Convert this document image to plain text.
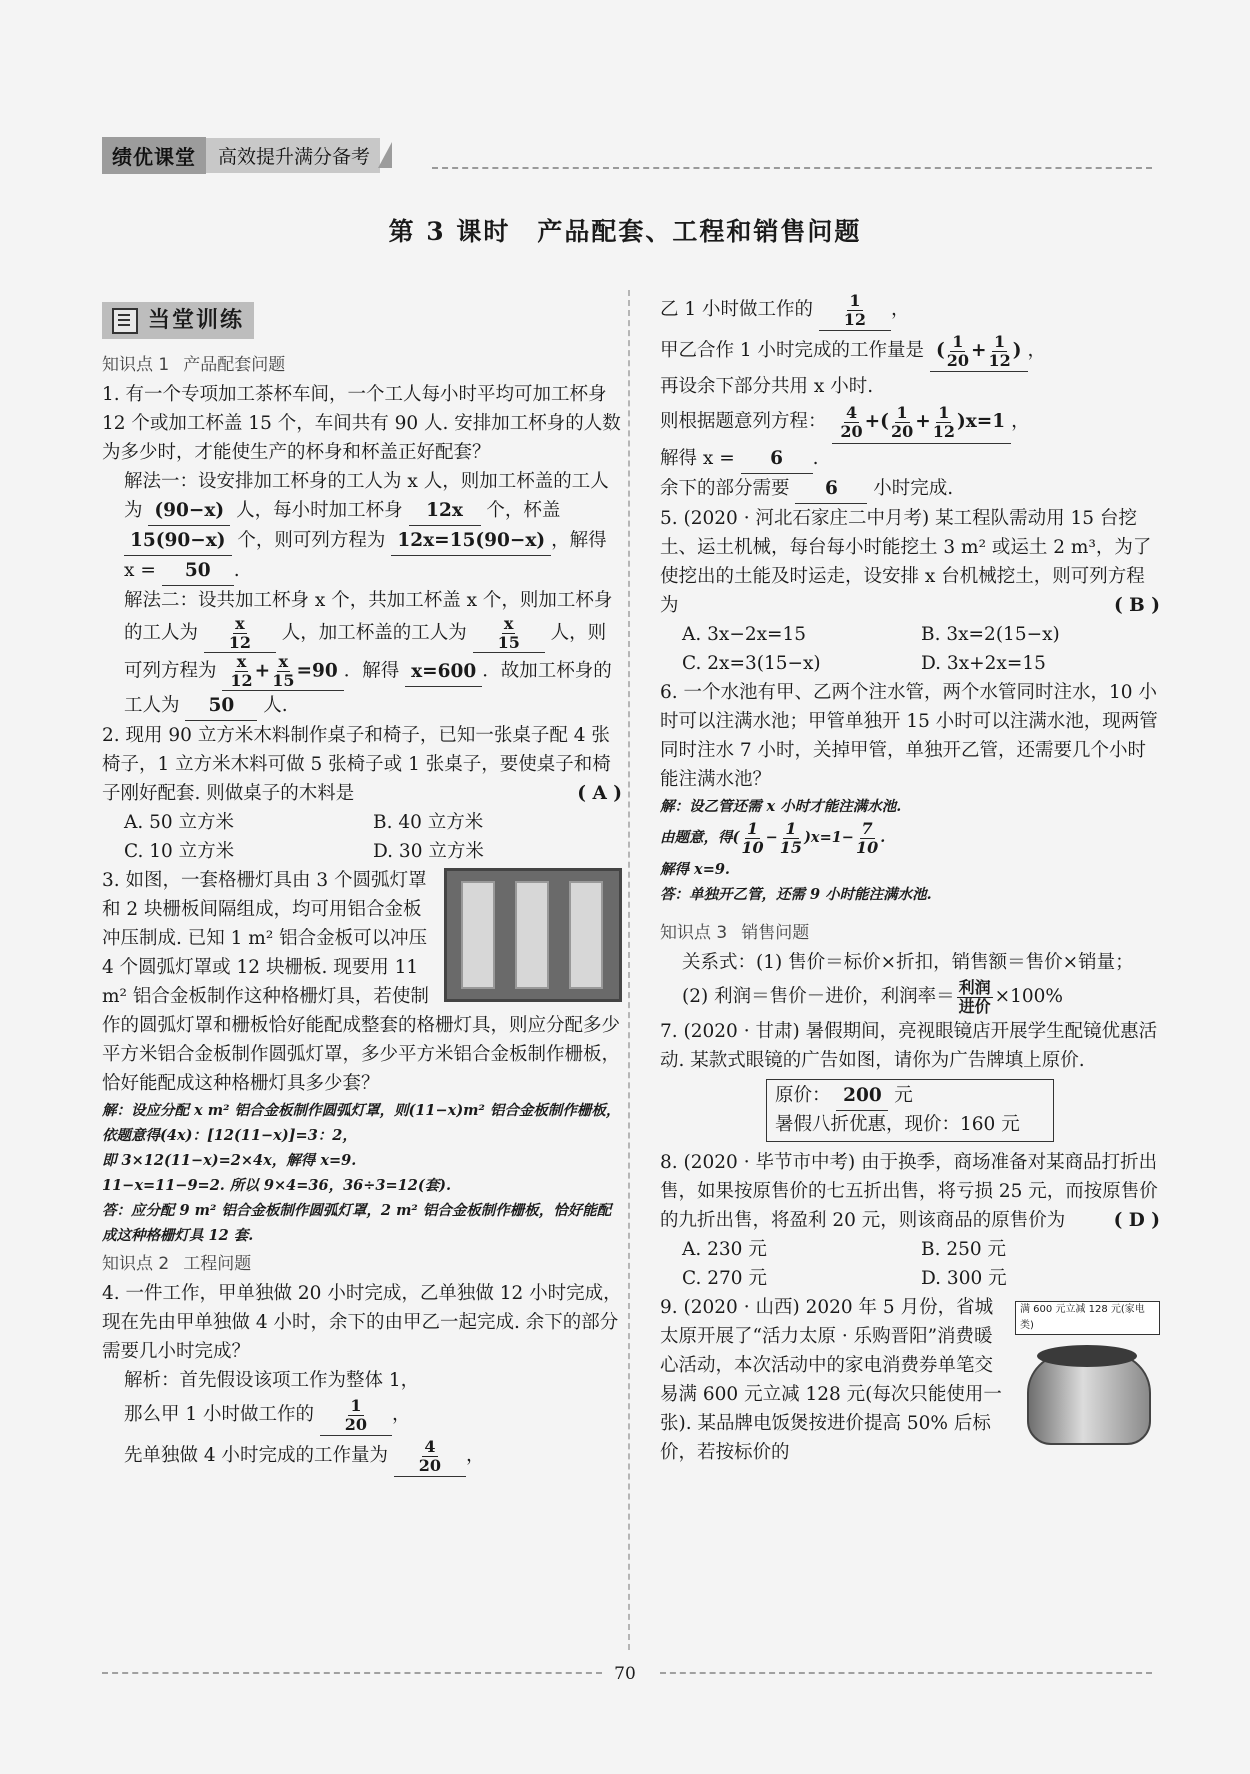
绩优课堂	高效提升满分备考
第 3 课时　产品配套、工程和销售问题
当堂训练
知识点 1 产品配套问题

1. 有一个专项加工茶杯车间，一个工人每小时平均可加工杯身 12 个或加工杯盖 15 个，车间共有 90 人. 安排加工杯身的人数为多少时，才能使生产的杯身和杯盖正好配套？

解法一：设安排加工杯身的工人为 x 人，则加工杯盖的工人为 (90−x) 人，每小时加工杯身 12x 个，杯盖 15(90−x) 个，则可列方程为 12x=15(90−x) ，解得 x = 50 .

解法二：设共加工杯身 x 个，共加工杯盖 x 个，则加工杯身的工人为 $\frac{x}{12}$ 人，加工杯盖的工人为 $\frac{x}{15}$ 人，则可列方程为 $\frac{x}{12} + \frac{x}{15} =90$ ．解得 x=600 ．故加工杯身的工人为 50 人.

2. 现用 90 立方米木料制作桌子和椅子，已知一张桌子配 4 张椅子，1 立方米木料可做 5 张椅子或 1 张桌子，要使桌子和椅子刚好配套. 则做桌子的木料是	( A )

A. 50 立方米	B. 40 立方米
C. 10 立方米	D. 30 立方米

3. 如图，一套格栅灯具由 3 个圆弧灯罩和 2 块栅板间隔组成，均可用铝合金板冲压制成. 已知 1 m² 铝合金板可以冲压 4 个圆弧灯罩或 12 块栅板. 现要用 11 m² 铝合金板制作这种格栅灯具，若使制作的圆弧灯罩和栅板恰好能配成整套的格栅灯具，则应分配多少平方米铝合金板制作圆弧灯罩，多少平方米铝合金板制作栅板，恰好能配成这种格栅灯具多少套？

解：设应分配 x m² 铝合金板制作圆弧灯罩，则(11−x)m² 铝合金板制作栅板，依题意得(4x)：[12(11−x)]=3：2，
即 3×12(11−x)=2×4x，解得 x=9.
11−x=11−9=2. 所以 9×4=36，36÷3=12(套).
答：应分配 9 m² 铝合金板制作圆弧灯罩，2 m² 铝合金板制作栅板，恰好能配成这种格栅灯具 12 套.
知识点 2 工程问题

4. 一件工作，甲单独做 20 小时完成，乙单独做 12 小时完成，现在先由甲单独做 4 小时，余下的由甲乙一起完成. 余下的部分需要几小时完成？

解析：首先假设该项工作为整体 1，

那么甲 1 小时做工作的 $\frac{1}{20}$ ，

先单独做 4 小时完成的工作量为 $\frac{4}{20}$ ，

乙 1 小时做工作的 $\frac{1}{12}$ ，

甲乙合作 1 小时完成的工作量是 ( $\frac{1}{20} + \frac{1}{12}$ ) ，

再设余下部分共用 x 小时.

则根据题意列方程： $\frac{4}{20}$ +( $\frac{1}{20} + \frac{1}{12} )x=1$ ，

解得 x = 6 .

余下的部分需要 6 小时完成.

5. (2020 · 河北石家庄二中月考) 某工程队需动用 15 台挖土、运土机械，每台每小时能挖土 3 m² 或运土 2 m³，为了使挖出的土能及时运走，设安排 x 台机械挖土，则可列方程为	( B )

A. 3x−2x=15	B. 3x=2(15−x)
C. 2x=3(15−x)	D. 3x+2x=15

6. 一个水池有甲、乙两个注水管，两个水管同时注水，10 小时可以注满水池；甲管单独开 15 小时可以注满水池，现两管同时注水 7 小时，关掉甲管，单独开乙管，还需要几个小时能注满水池？

解：设乙管还需 x 小时才能注满水池.
由题意，得( $\frac{1}{10} - \frac{1}{15} )x=1- \frac{7}{10}$ .
解得 x=9.
答：单独开乙管，还需 9 小时能注满水池.
知识点 3 销售问题

关系式：(1) 售价＝标价×折扣，销售额＝售价×销量；

(2) 利润＝售价－进价，利润率＝ $\frac{\text{利润}}{\text{进价}} \times 100\%$

7. (2020 · 甘肃) 暑假期间，亮视眼镜店开展学生配镜优惠活动. 某款式眼镜的广告如图，请你为广告牌填上原价.

原价： 200 元
暑假八折优惠，现价：160 元

8. (2020 · 毕节市中考) 由于换季，商场准备对某商品打折出售，如果按原售价的七五折出售，将亏损 25 元，而按原售价的九折出售，将盈利 20 元，则该商品的原售价为	( D )

A. 230 元	B. 250 元
C. 270 元	D. 300 元
满 600 元立减 128 元(家电类)

9. (2020 · 山西) 2020 年 5 月份，省城太原开展了“活力太原 · 乐购晋阳”消费暖心活动，本次活动中的家电消费券单笔交易满 600 元立减 128 元(每次只能使用一张). 某品牌电饭煲按进价提高 50% 后标价，若按标价的

70
